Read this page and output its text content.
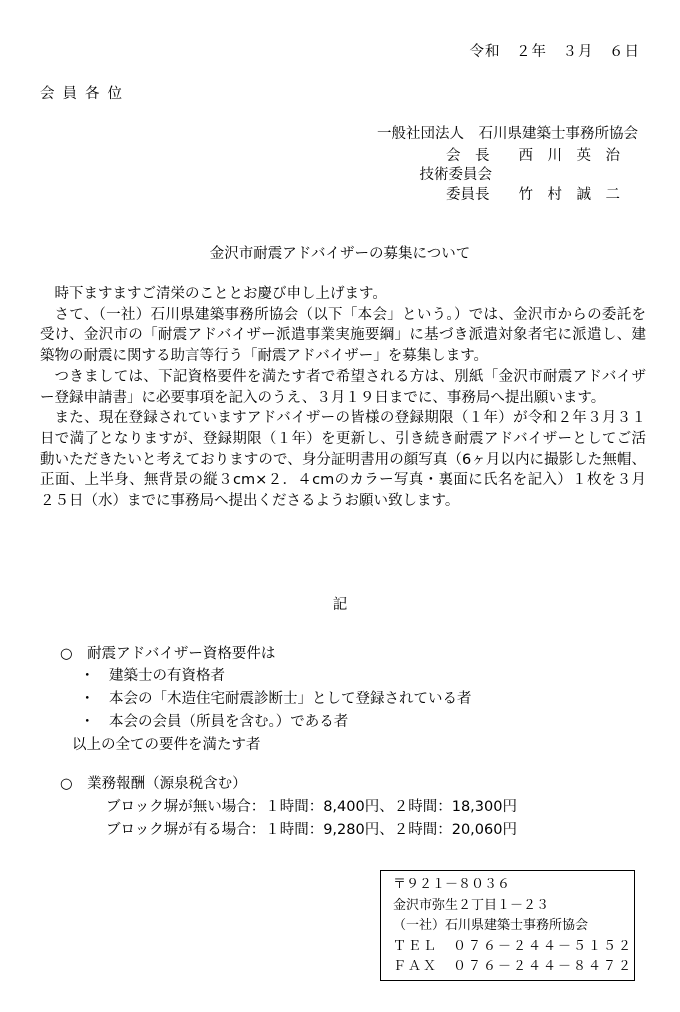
令和　２年　３月　６日
会員各位
一般社団法人　石川県建築士事務所協会
会　長　　西　川　英　治
技術委員会
委員長　　竹　村　誠　二
金沢市耐震アドバイザーの募集について

時下ますますご清栄のこととお慶び申し上げます。

さて、（一社）石川県建築事務所協会（以下「本会」という。）では、金沢市からの委託を受け、金沢市の「耐震アドバイザー派遣事業実施要綱」に基づき派遣対象者宅に派遣し、建築物の耐震に関する助言等行う「耐震アドバイザー」を募集します。

つきましては、下記資格要件を満たす者で希望される方は、別紙「金沢市耐震アドバイザー登録申請書」に必要事項を記入のうえ、３月１９日までに、事務局へ提出願います。

また、現在登録されていますアドバイザーの皆様の登録期限（１年）が令和２年３月３１日で満了となりますが、登録期限（１年）を更新し、引き続き耐震アドバイザーとしてご活動いただきたいと考えておりますので、身分証明書用の顔写真（6ヶ月以内に撮影した無帽、正面、上半身、無背景の縦３cm×２．４cmのカラー写真・裏面に氏名を記入）１枚を３月２５日（水）までに事務局へ提出くださるようお願い致します。

記
○　耐震アドバイザー資格要件は
・　建築士の有資格者
・　本会の「木造住宅耐震診断士」として登録されている者
・　本会の会員（所員を含む。）である者
以上の全ての要件を満たす者
○　業務報酬（源泉税含む）
ブロック塀が無い場合：１時間：8,400円、２時間：18,300円
ブロック塀が有る場合：１時間：9,280円、２時間：20,060円
〒９２１－８０３６
金沢市弥生２丁目１－２３
（一社）石川県建築士事務所協会
ＴＥＬ　０７６－２４４－５１５２
ＦＡＸ　０７６－２４４－８４７２
